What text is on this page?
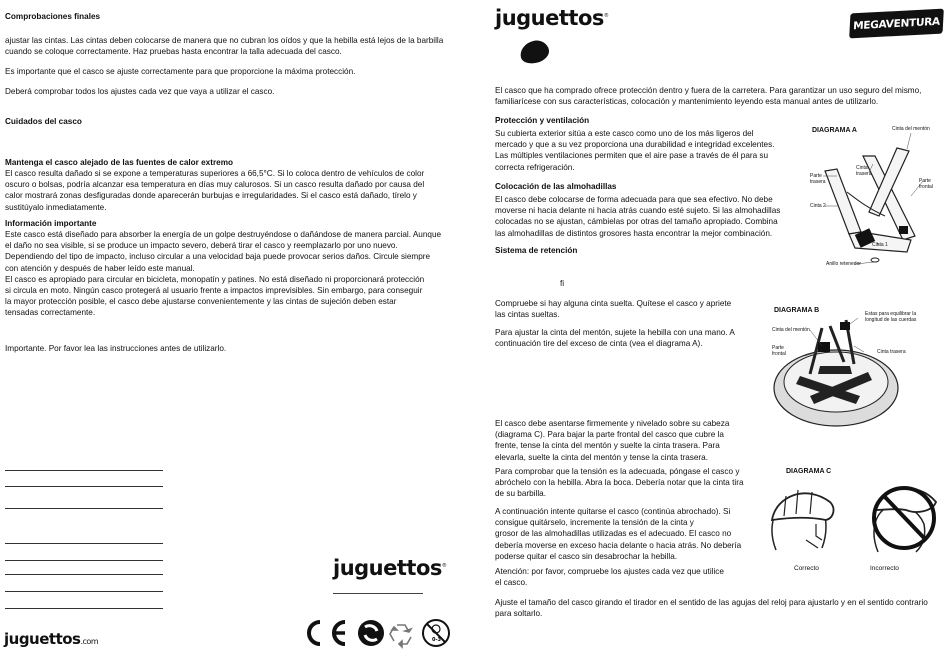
Comprobaciones finales
ajustar las cintas. Las cintas deben colocarse de manera que no cubran los oídos y que la hebilla está lejos de la barbilla
cuando se coloque correctamente. Haz pruebas hasta encontrar la talla adecuada del casco.
Es importante que el casco se ajuste correctamente para que proporcione la máxima protección.
Deberá comprobar todos los ajustes cada vez que vaya a utilizar el casco.
Cuidados del casco
Mantenga el casco alejado de las fuentes de calor extremo
El casco resulta dañado si se expone a temperaturas superiores a 66,5°C. Si lo coloca dentro de vehículos de color
oscuro o bolsas, podría alcanzar esa temperatura en días muy calurosos. Si un casco resulta dañado por causa del
calor mostrará zonas desfiguradas donde aparecerán burbujas e irregularidades. Si el casco está dañado, tírelo y
sustitúyalo inmediatamente.
Información importante
Este casco está diseñado para absorber la energía de un golpe destruyéndose o dañándose de manera parcial. Aunque
el daño no sea visible, si se produce un impacto severo, deberá tirar el casco y reemplazarlo por uno nuevo.
Dependiendo del tipo de impacto, incluso circular a una velocidad baja puede provocar serios daños. Circule siempre
con atención y después de haber leído este manual.
El casco es apropiado para circular en bicicleta, monopatín y patines. No está diseñado ni proporcionará protección
si circula en moto. Ningún casco protegerá al usuario frente a impactos imprevisibles. Sin embargo, para conseguir
la mayor protección posible, el casco debe ajustarse convenientemente y las cintas de sujeción deben estar
tensadas correctamente.
Importante. Por favor lea las instrucciones antes de utilizarlo.
juguettos®
juguettos.com	0-3
juguettos®	MEGAVENTURA
El casco que ha comprado ofrece protección dentro y fuera de la carretera. Para garantizar un uso seguro del mismo,
familiarícese con sus características, colocación y mantenimiento leyendo esta manual antes de utilizarlo.
Protección y ventilación
Su cubierta exterior sitúa a este casco como uno de los más ligeros del
mercado y que a su vez proporciona una durabilidad e integridad excelentes.
Las múltiples ventilaciones permiten que el aire pase a través de él para su
correcta refrigeración.
Colocación de las almohadillas
El casco debe colocarse de forma adecuada para que sea efectivo. No debe
moverse ni hacia delante ni hacia atrás cuando esté sujeto. Si las almohadillas
colocadas no se ajustan, cámbielas por otras del tamaño apropiado. Combina
las almohadillas de distintos grosores hasta encontrar la mejor combinación.
Sistema de retención
fi
Compruebe si hay alguna cinta suelta. Quítese el casco y apriete
las cintas sueltas.
Para ajustar la cinta del mentón, sujete la hebilla con una mano. A
continuación tire del exceso de cinta (vea el diagrama A).
El casco debe asentarse firmemente y nivelado sobre su cabeza
(diagrama C). Para bajar la parte frontal del casco que cubre la
frente, tense la cinta del mentón y suelte la cinta trasera. Para
elevarla, suelte la cinta del mentón y tense la cinta trasera.
Para comprobar que la tensión es la adecuada, póngase el casco y
abróchelo con la hebilla. Abra la boca. Debería notar que la cinta tira
de su barbilla.
A continuación intente quitarse el casco (continúa abrochado). Si
consigue quitárselo, incremente la tensión de la cinta y
grosor de las almohadillas utilizadas es el adecuado. El casco no
debería moverse en exceso hacia delante o hacia atrás. No debería
poderse quitar el casco sin desabrochar la hebilla.
Atención: por favor, compruebe los ajustes cada vez que utilice
el casco.
Ajuste el tamaño del casco girando el tirador en el sentido de las agujas del reloj para ajustarlo y en el sentido contrario
para soltarlo.
DIAGRAMA A	Cinta del mentón
Cinta
trasera
Parte
trasera	Parte
frontal
Cinta 2
Cinta 1
Anillo retenedor
DIAGRAMA B
Cinta del mentón
Parte
frontal
Estas para equilibrar la
longitud de las cuerdas
Cinta trasera
DIAGRAMA C
Correcto	Incorrecto
